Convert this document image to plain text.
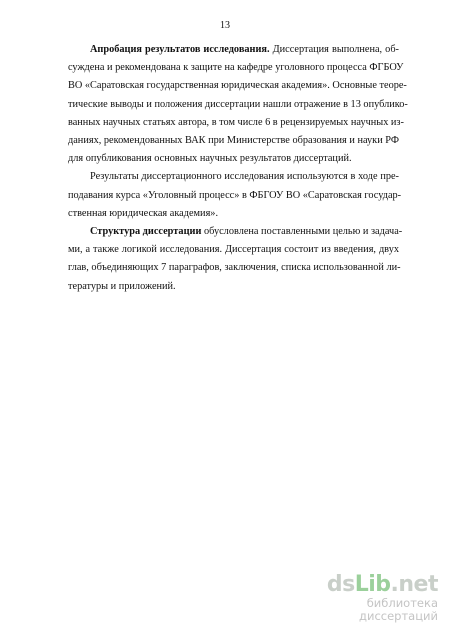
13

Апробация результатов исследования. Диссертация выполнена, об-
суждена и рекомендована к защите на кафедре уголовного процесса ФГБОУ
ВО «Саратовская государственная юридическая академия». Основные теоре-
тические выводы и положения диссертации нашли отражение в 13 опублико-
ванных научных статьях автора, в том числе 6 в рецензируемых научных из-
даниях, рекомендованных ВАК при Министерстве образования и науки РФ
для опубликования основных научных результатов диссертаций.

Результаты диссертационного исследования используются в ходе пре-
подавания курса «Уголовный процесс» в ФБГОУ ВО «Саратовская государ-
ственная юридическая академия».

Структура диссертации обусловлена поставленными целью и задача-
ми, а также логикой исследования. Диссертация состоит из введения, двух
глав, объединяющих 7 параграфов, заключения, списка использованной ли-
тературы и приложений.

dsLib.net
библиотека диссертаций
